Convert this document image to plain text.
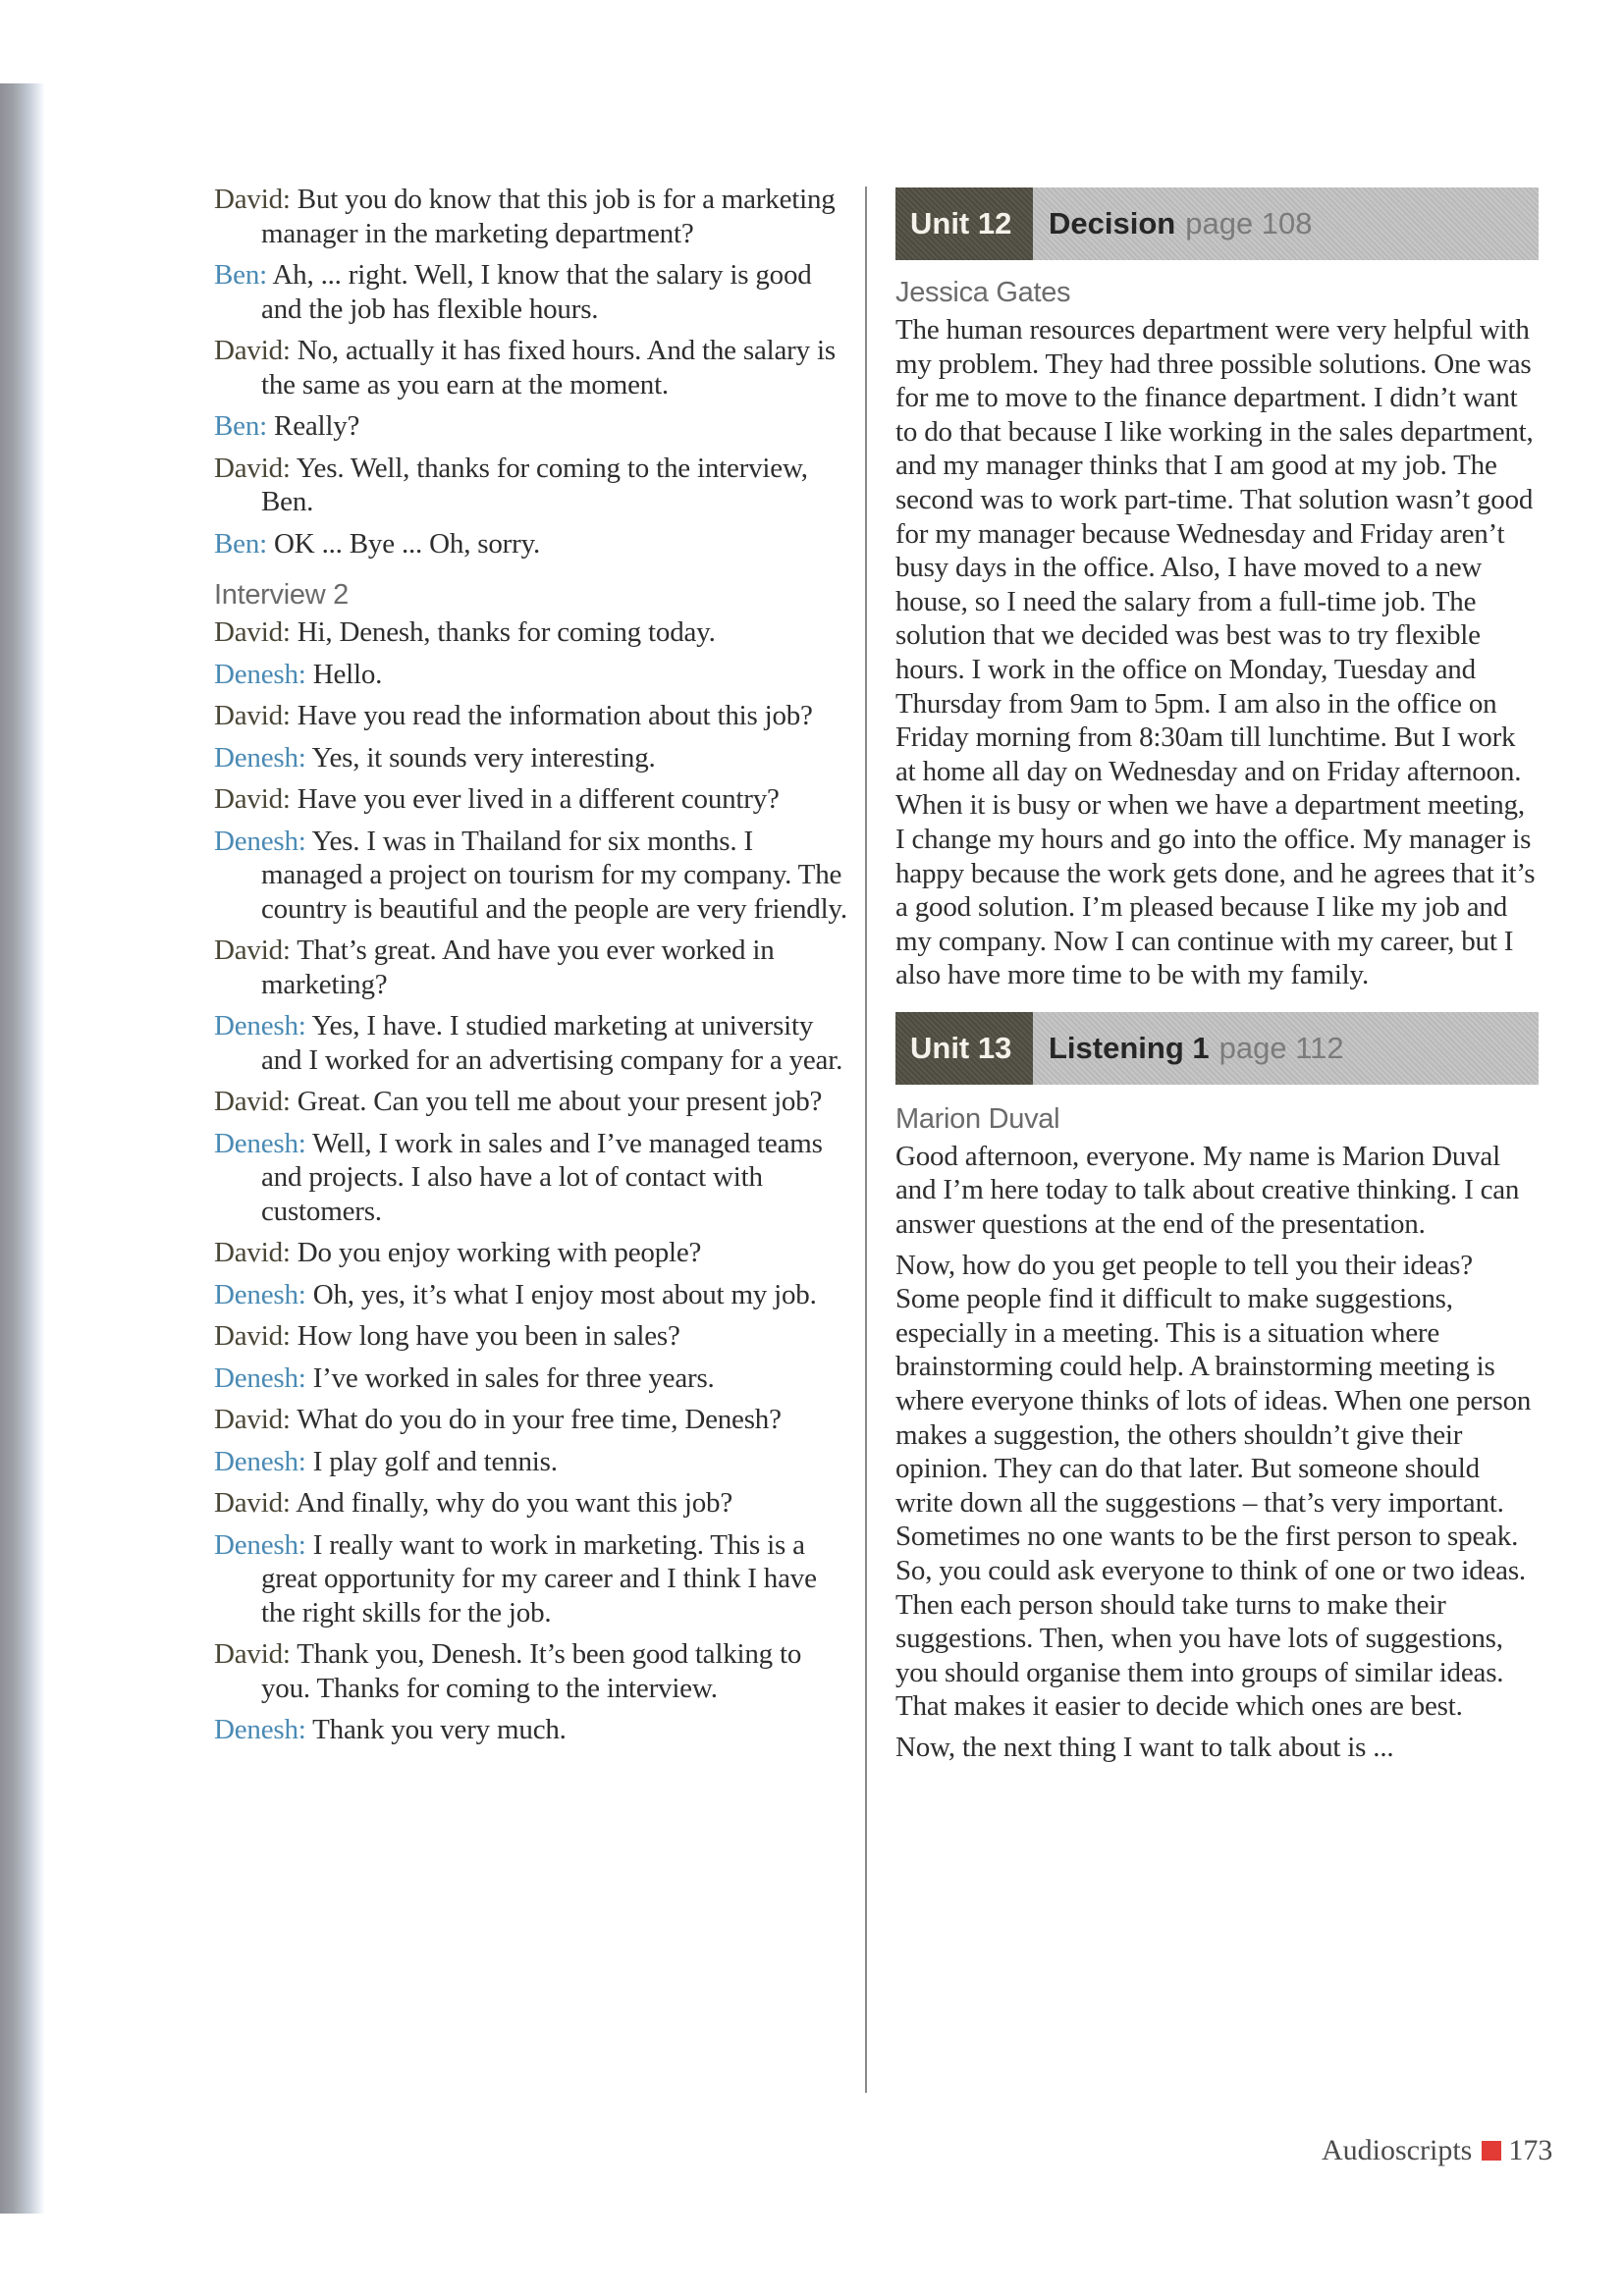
David: But you do know that this job is for a marketing manager in the marketing department?
Ben: Ah, ... right. Well, I know that the salary is good and the job has flexible hours.
David: No, actually it has fixed hours. And the salary is the same as you earn at the moment.
Ben: Really?
David: Yes. Well, thanks for coming to the interview, Ben.
Ben: OK ... Bye ... Oh, sorry.
Interview 2
David: Hi, Denesh, thanks for coming today.
Denesh: Hello.
David: Have you read the information about this job?
Denesh: Yes, it sounds very interesting.
David: Have you ever lived in a different country?
Denesh: Yes. I was in Thailand for six months. I managed a project on tourism for my company. The country is beautiful and the people are very friendly.
David: That’s great. And have you ever worked in marketing?
Denesh: Yes, I have. I studied marketing at university and I worked for an advertising company for a year.
David: Great. Can you tell me about your present job?
Denesh: Well, I work in sales and I’ve managed teams and projects. I also have a lot of contact with customers.
David: Do you enjoy working with people?
Denesh: Oh, yes, it’s what I enjoy most about my job.
David: How long have you been in sales?
Denesh: I’ve worked in sales for three years.
David: What do you do in your free time, Denesh?
Denesh: I play golf and tennis.
David: And finally, why do you want this job?
Denesh: I really want to work in marketing. This is a great opportunity for my career and I think I have the right skills for the job.
David: Thank you, Denesh. It’s been good talking to you. Thanks for coming to the interview.
Denesh: Thank you very much.
Unit 12	Decision page 108
Jessica Gates
The human resources department were very helpful with my problem. They had three possible solutions. One was for me to move to the finance department. I didn’t want to do that because I like working in the sales department, and my manager thinks that I am good at my job. The second was to work part-time. That solution wasn’t good for my manager because Wednesday and Friday aren’t busy days in the office. Also, I have moved to a new house, so I need the salary from a full-time job. The solution that we decided was best was to try flexible hours. I work in the office on Monday, Tuesday and Thursday from 9am to 5pm. I am also in the office on Friday morning from 8:30am till lunchtime. But I work at home all day on Wednesday and on Friday afternoon. When it is busy or when we have a department meeting, I change my hours and go into the office. My manager is happy because the work gets done, and he agrees that it’s a good solution. I’m pleased because I like my job and my company. Now I can continue with my career, but I also have more time to be with my family.
Unit 13	Listening 1 page 112
Marion Duval
Good afternoon, everyone. My name is Marion Duval and I’m here today to talk about creative thinking. I can answer questions at the end of the presentation.
Now, how do you get people to tell you their ideas? Some people find it difficult to make suggestions, especially in a meeting. This is a situation where brainstorming could help. A brainstorming meeting is where everyone thinks of lots of ideas. When one person makes a suggestion, the others shouldn’t give their opinion. They can do that later. But someone should write down all the suggestions – that’s very important. Sometimes no one wants to be the first person to speak. So, you could ask everyone to think of one or two ideas. Then each person should take turns to make their suggestions. Then, when you have lots of suggestions, you should organise them into groups of similar ideas. That makes it easier to decide which ones are best.
Now, the next thing I want to talk about is ...
Audioscripts 173
